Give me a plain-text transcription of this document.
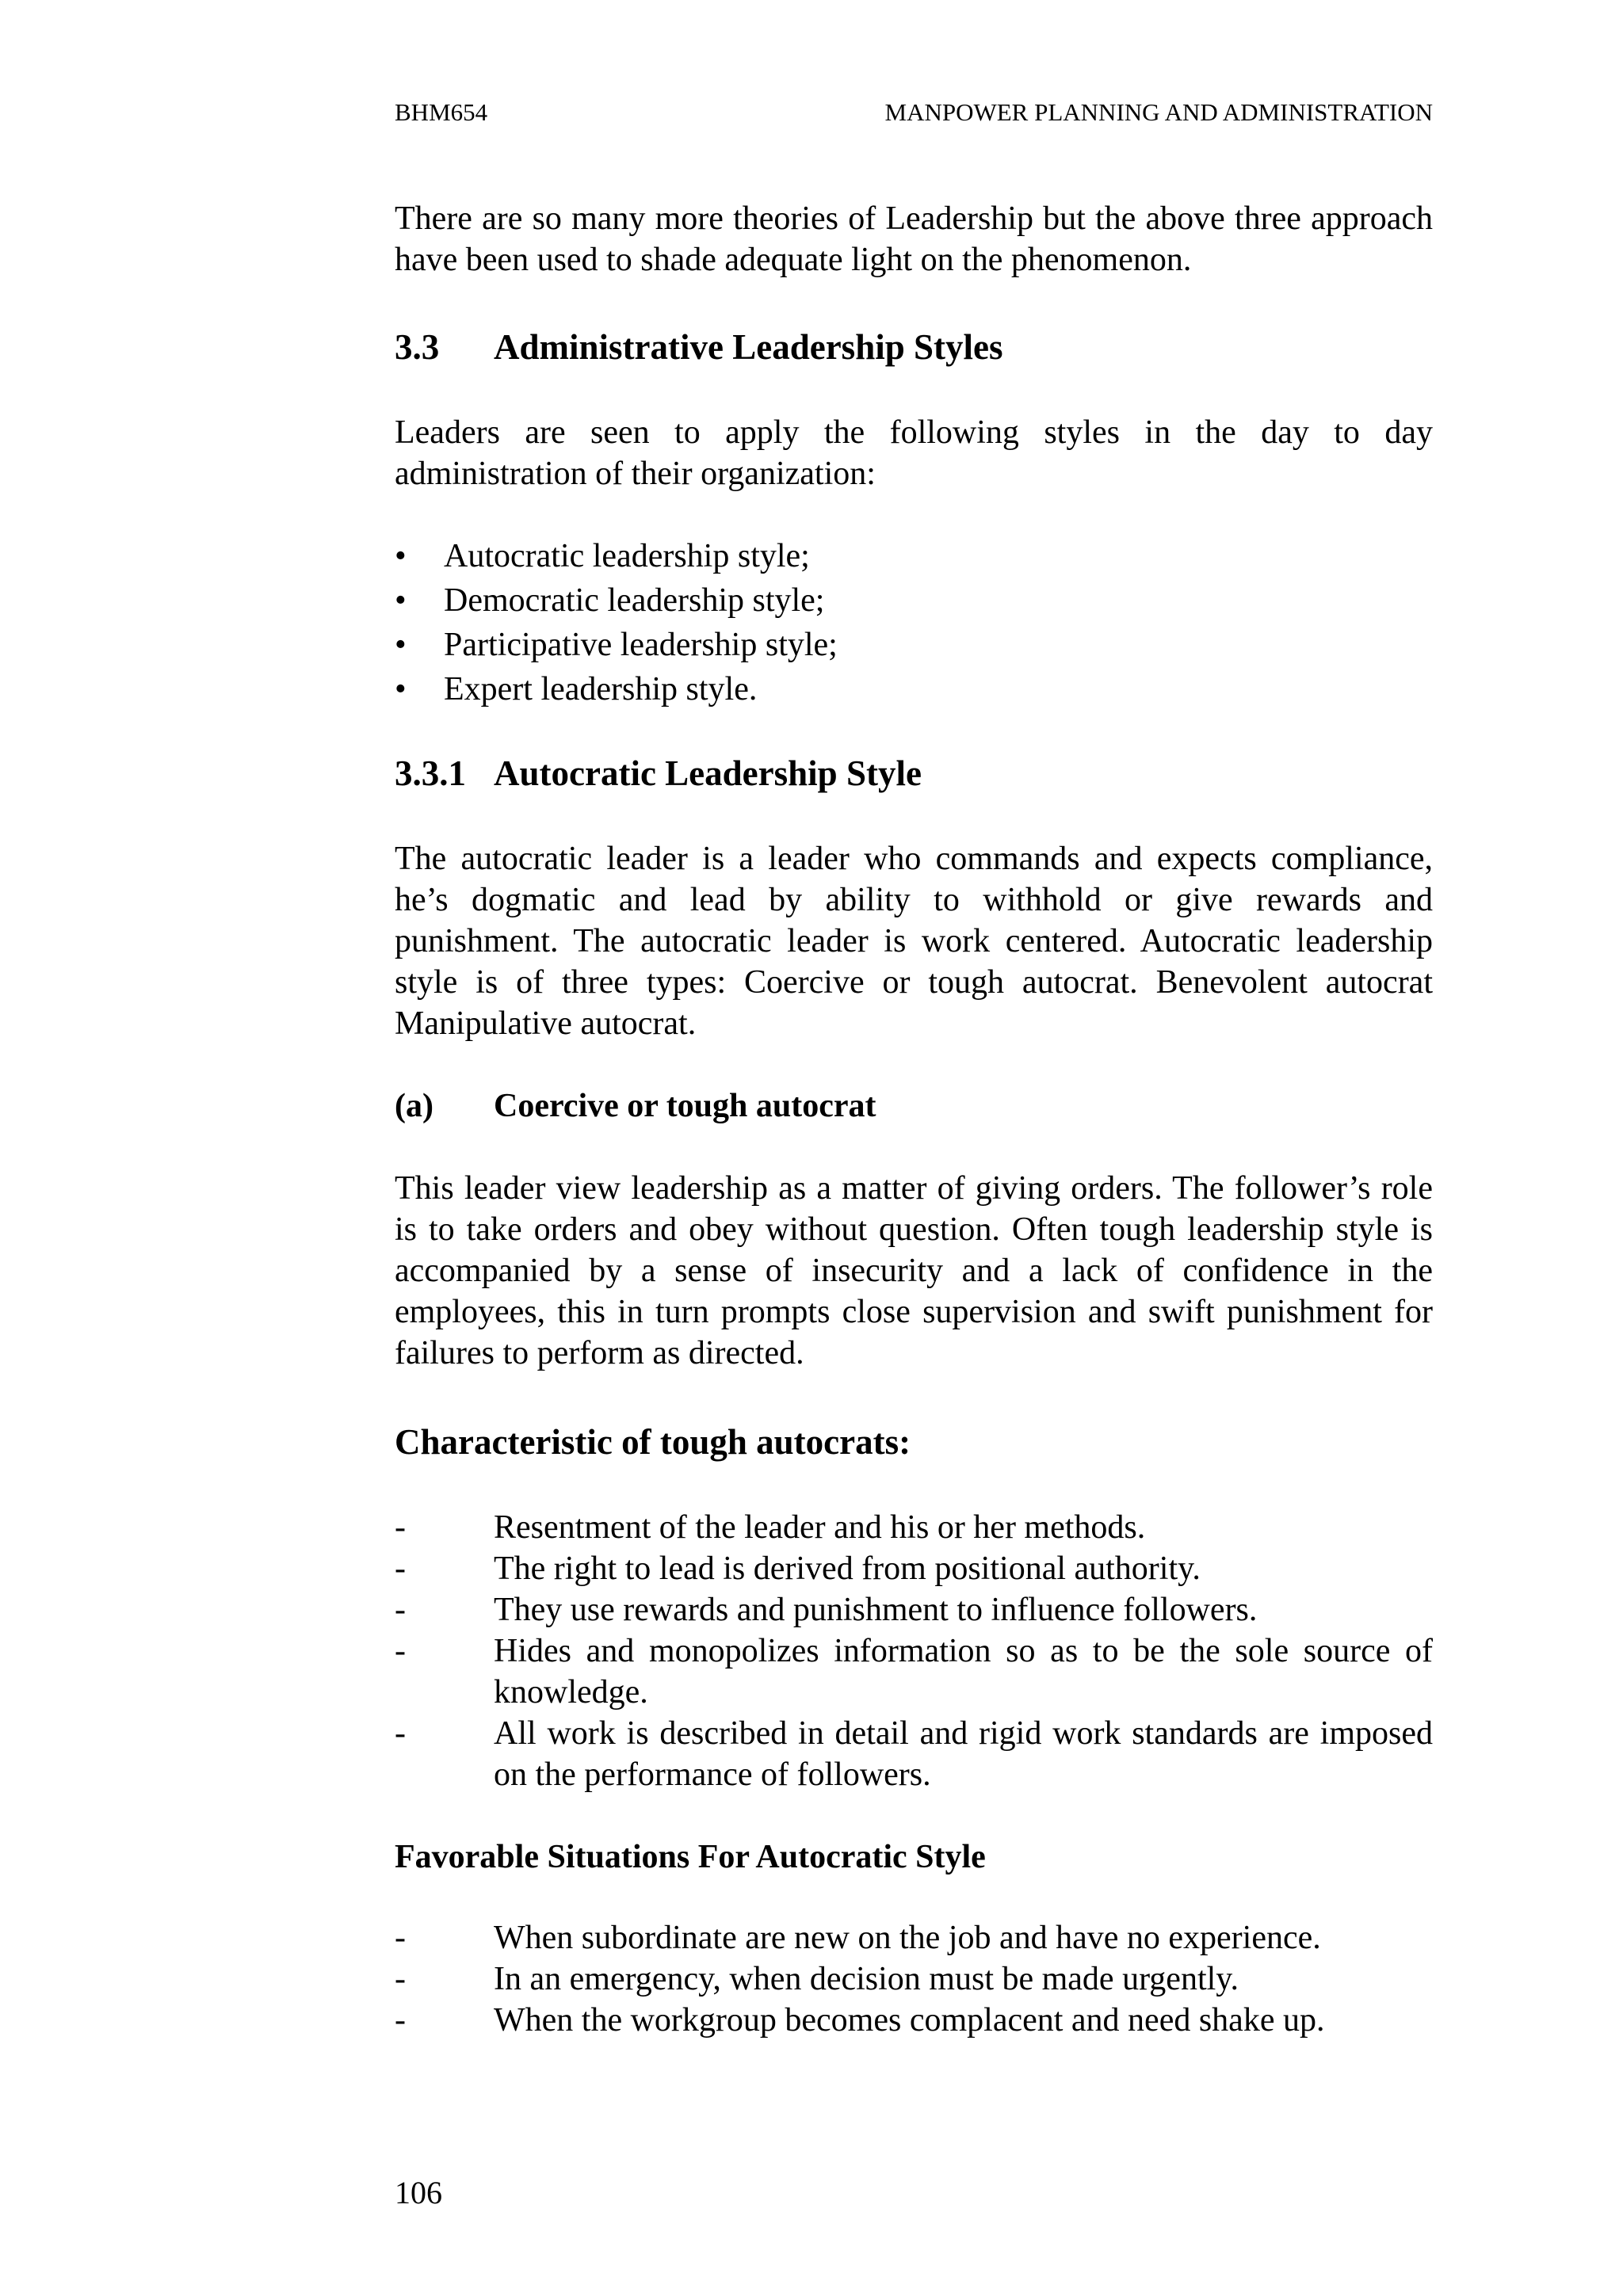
BHM654	MANPOWER PLANNING AND ADMINISTRATION

There are so many more theories of Leadership but the above three approach have been used to shade adequate light on the phenomenon.

3.3	Administrative Leadership Styles

Leaders are seen to apply the following styles in the day to day administration of their organization:

•	Autocratic leadership style;
•	Democratic leadership style;
•	Participative leadership style;
•	Expert leadership style.
3.3.1 Autocratic Leadership Style

The autocratic leader is a leader who commands and expects compliance, he’s dogmatic and lead by ability to withhold or give rewards and punishment. The autocratic leader is work centered. Autocratic leadership style is of three types: Coercive or tough autocrat. Benevolent autocrat Manipulative autocrat.

(a)	Coercive or tough autocrat

This leader view leadership as a matter of giving orders. The follower’s role is to take orders and obey without question. Often tough leadership style is accompanied by a sense of insecurity and a lack of confidence in the employees, this in turn prompts close supervision and swift punishment for failures to perform as directed.

Characteristic of tough autocrats:
-	Resentment of the leader and his or her methods.
-	The right to lead is derived from positional authority.
-	They use rewards and punishment to influence followers.
-	Hides and monopolizes information so as to be the sole source of knowledge.
-	All work is described in detail and rigid work standards are imposed on the performance of followers.
Favorable Situations For Autocratic Style
-	When subordinate are new on the job and have no experience.
-	In an emergency, when decision must be made urgently.
-	When the workgroup becomes complacent and need shake up.
106
